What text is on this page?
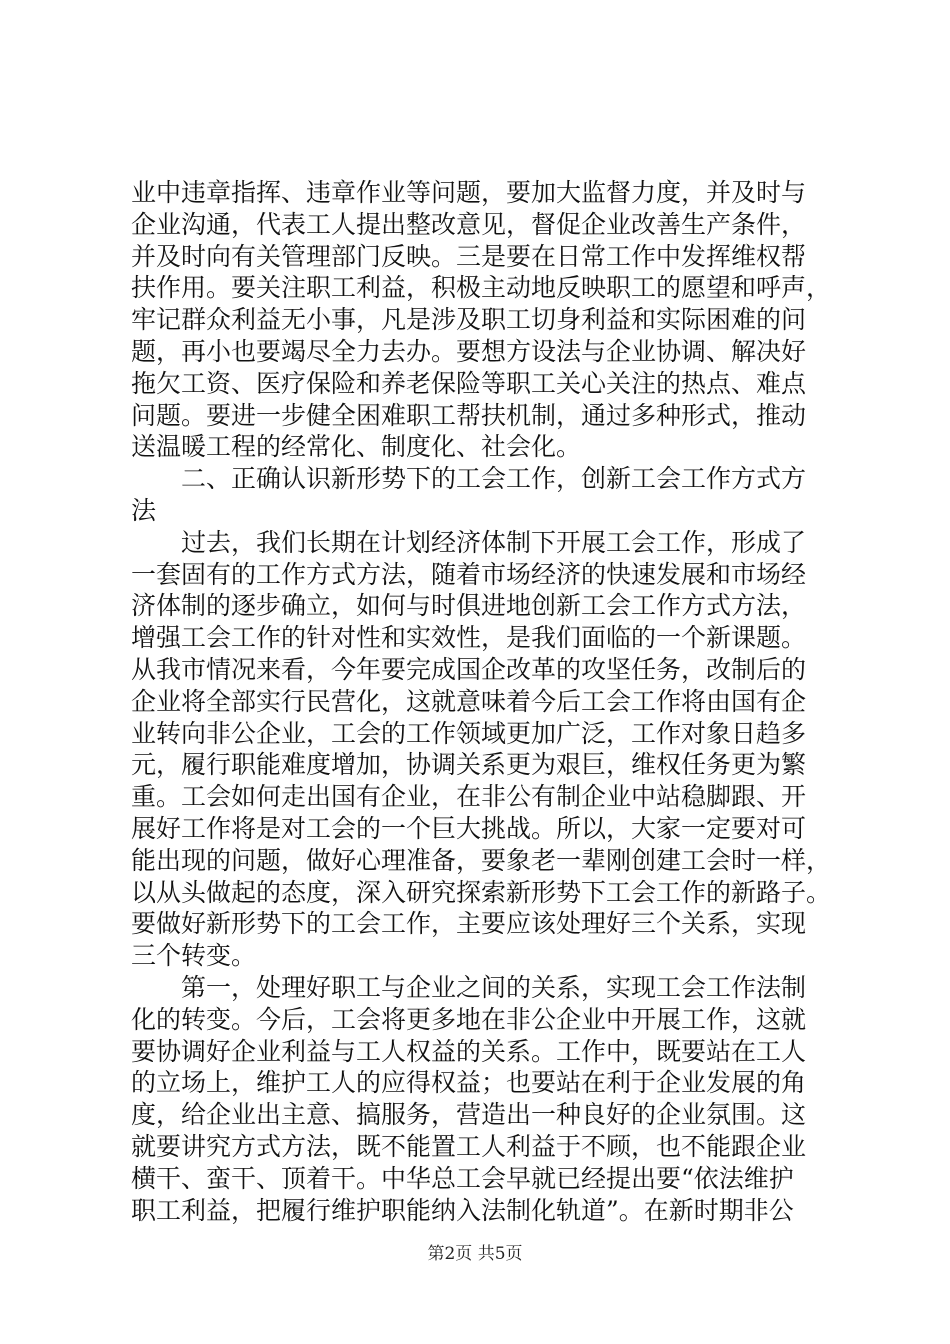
业中违章指挥、违章作业等问题，要加大监督力度，并及时与
企业沟通，代表工人提出整改意见，督促企业改善生产条件，
并及时向有关管理部门反映。三是要在日常工作中发挥维权帮
扶作用。要关注职工利益，积极主动地反映职工的愿望和呼声，
牢记群众利益无小事，凡是涉及职工切身利益和实际困难的问
题，再小也要竭尽全力去办。要想方设法与企业协调、解决好
拖欠工资、医疗保险和养老保险等职工关心关注的热点、难点
问题。要进一步健全困难职工帮扶机制，通过多种形式，推动
送温暖工程的经常化、制度化、社会化。
二、正确认识新形势下的工会工作，创新工会工作方式方
法
过去，我们长期在计划经济体制下开展工会工作，形成了
一套固有的工作方式方法，随着市场经济的快速发展和市场经
济体制的逐步确立，如何与时俱进地创新工会工作方式方法，
增强工会工作的针对性和实效性，是我们面临的一个新课题。
从我市情况来看，今年要完成国企改革的攻坚任务，改制后的
企业将全部实行民营化，这就意味着今后工会工作将由国有企
业转向非公企业，工会的工作领域更加广泛，工作对象日趋多
元，履行职能难度增加，协调关系更为艰巨，维权任务更为繁
重。工会如何走出国有企业，在非公有制企业中站稳脚跟、开
展好工作将是对工会的一个巨大挑战。所以，大家一定要对可
能出现的问题，做好心理准备，要象老一辈刚创建工会时一样，
以从头做起的态度，深入研究探索新形势下工会工作的新路子。
要做好新形势下的工会工作，主要应该处理好三个关系，实现
三个转变。
第一，处理好职工与企业之间的关系，实现工会工作法制
化的转变。今后，工会将更多地在非公企业中开展工作，这就
要协调好企业利益与工人权益的关系。工作中，既要站在工人
的立场上，维护工人的应得权益；也要站在利于企业发展的角
度，给企业出主意、搞服务，营造出一种良好的企业氛围。这
就要讲究方式方法，既不能置工人利益于不顾，也不能跟企业
横干、蛮干、顶着干。中华总工会早就已经提出要“依法维护
职工利益，把履行维护职能纳入法制化轨道”。在新时期非公
第2页 共5页
